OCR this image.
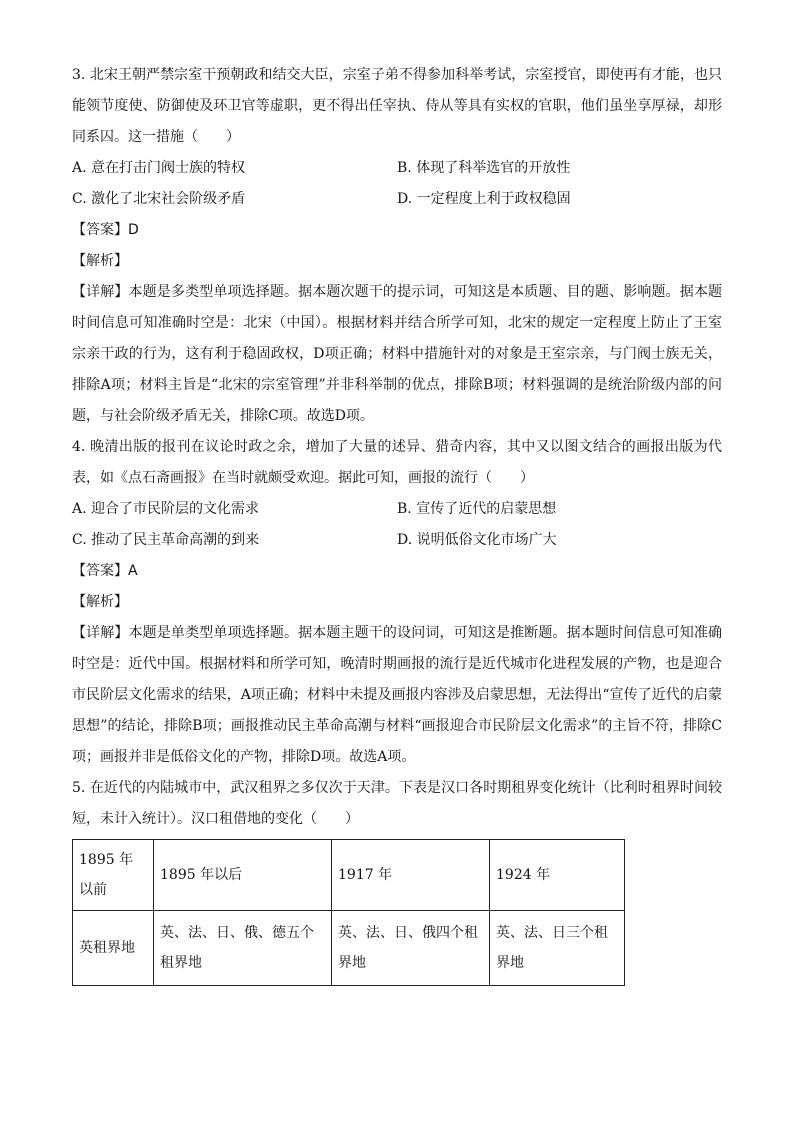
3. 北宋王朝严禁宗室干预朝政和结交大臣，宗室子弟不得参加科举考试，宗室授官，即使再有才能，也只能领节度使、防御使及环卫官等虚职，更不得出任宰执、侍从等具有实权的官职，他们虽坐享厚禄，却形同系囚。这一措施（　　）

A. 意在打击门阀士族的特权	B. 体现了科举选官的开放性
C. 激化了北宋社会阶级矛盾	D. 一定程度上利于政权稳固
【答案】D
【解析】

【详解】本题是多类型单项选择题。据本题次题干的提示词，可知这是本质题、目的题、影响题。据本题时间信息可知准确时空是：北宋（中国）。根据材料并结合所学可知，北宋的规定一定程度上防止了王室宗亲干政的行为，这有利于稳固政权，D项正确；材料中措施针对的对象是王室宗亲，与门阀士族无关，排除A项；材料主旨是“北宋的宗室管理”并非科举制的优点，排除B项；材料强调的是统治阶级内部的问题，与社会阶级矛盾无关，排除C项。故选D项。

4. 晚清出版的报刊在议论时政之余，增加了大量的述异、猎奇内容，其中又以图文结合的画报出版为代表，如《点石斋画报》在当时就颇受欢迎。据此可知，画报的流行（　　）

A. 迎合了市民阶层的文化需求	B. 宣传了近代的启蒙思想
C. 推动了民主革命高潮的到来	D. 说明低俗文化市场广大
【答案】A
【解析】

【详解】本题是单类型单项选择题。据本题主题干的设问词，可知这是推断题。据本题时间信息可知准确时空是：近代中国。根据材料和所学可知，晚清时期画报的流行是近代城市化进程发展的产物，也是迎合市民阶层文化需求的结果，A项正确；材料中未提及画报内容涉及启蒙思想，无法得出“宣传了近代的启蒙思想”的结论，排除B项；画报推动民主革命高潮与材料“画报迎合市民阶层文化需求”的主旨不符，排除C项；画报并非是低俗文化的产物，排除D项。故选A项。

5. 在近代的内陆城市中，武汉租界之多仅次于天津。下表是汉口各时期租界变化统计（比利时租界时间较短，未计入统计）。汉口租借地的变化（　　）

1895 年以前	1895 年以后	1917 年	1924 年
英租界地	英、法、日、俄、德五个租界地	英、法、日、俄四个租界地	英、法、日三个租界地
